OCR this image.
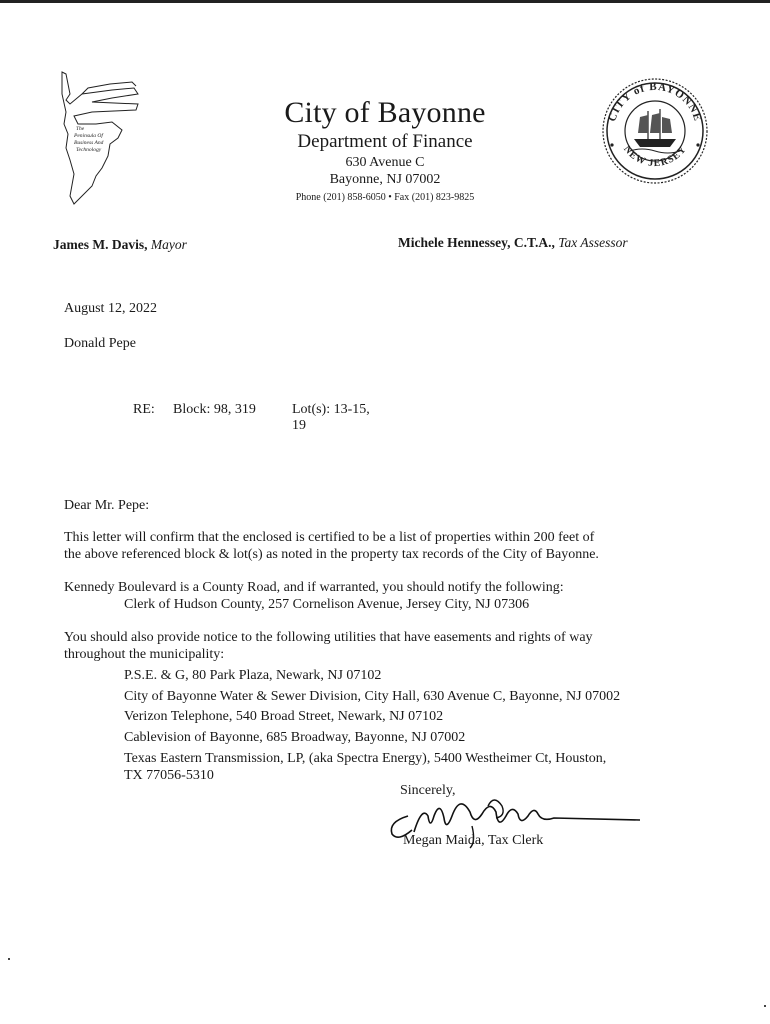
The
Peninsula Of
Business And
Technology
City of Bayonne
Department of Finance
630 Avenue C
Bayonne, NJ 07002
Phone (201) 858-6050 • Fax (201) 823-9825
CITY of BAYONNE
NEW JERSEY
James M. Davis, Mayor	Michele Hennessey, C.T.A., Tax Assessor
August 12, 2022
Donald Pepe
RE: Block: 98, 319	Lot(s): 13-15,
19
Dear Mr. Pepe:
This letter will confirm that the enclosed is certified to be a list of properties within 200 feet of
the above referenced block & lot(s) as noted in the property tax records of the City of Bayonne.
Kennedy Boulevard is a County Road, and if warranted, you should notify the following:
Clerk of Hudson County, 257 Cornelison Avenue, Jersey City, NJ 07306
You should also provide notice to the following utilities that have easements and rights of way
throughout the municipality:
P.S.E. & G, 80 Park Plaza, Newark, NJ 07102
City of Bayonne Water & Sewer Division, City Hall, 630 Avenue C, Bayonne, NJ 07002
Verizon Telephone, 540 Broad Street, Newark, NJ 07102
Cablevision of Bayonne, 685 Broadway, Bayonne, NJ 07002
Texas Eastern Transmission, LP, (aka Spectra Energy), 5400 Westheimer Ct, Houston,
TX 77056-5310
Sincerely,
Megan Maida, Tax Clerk
